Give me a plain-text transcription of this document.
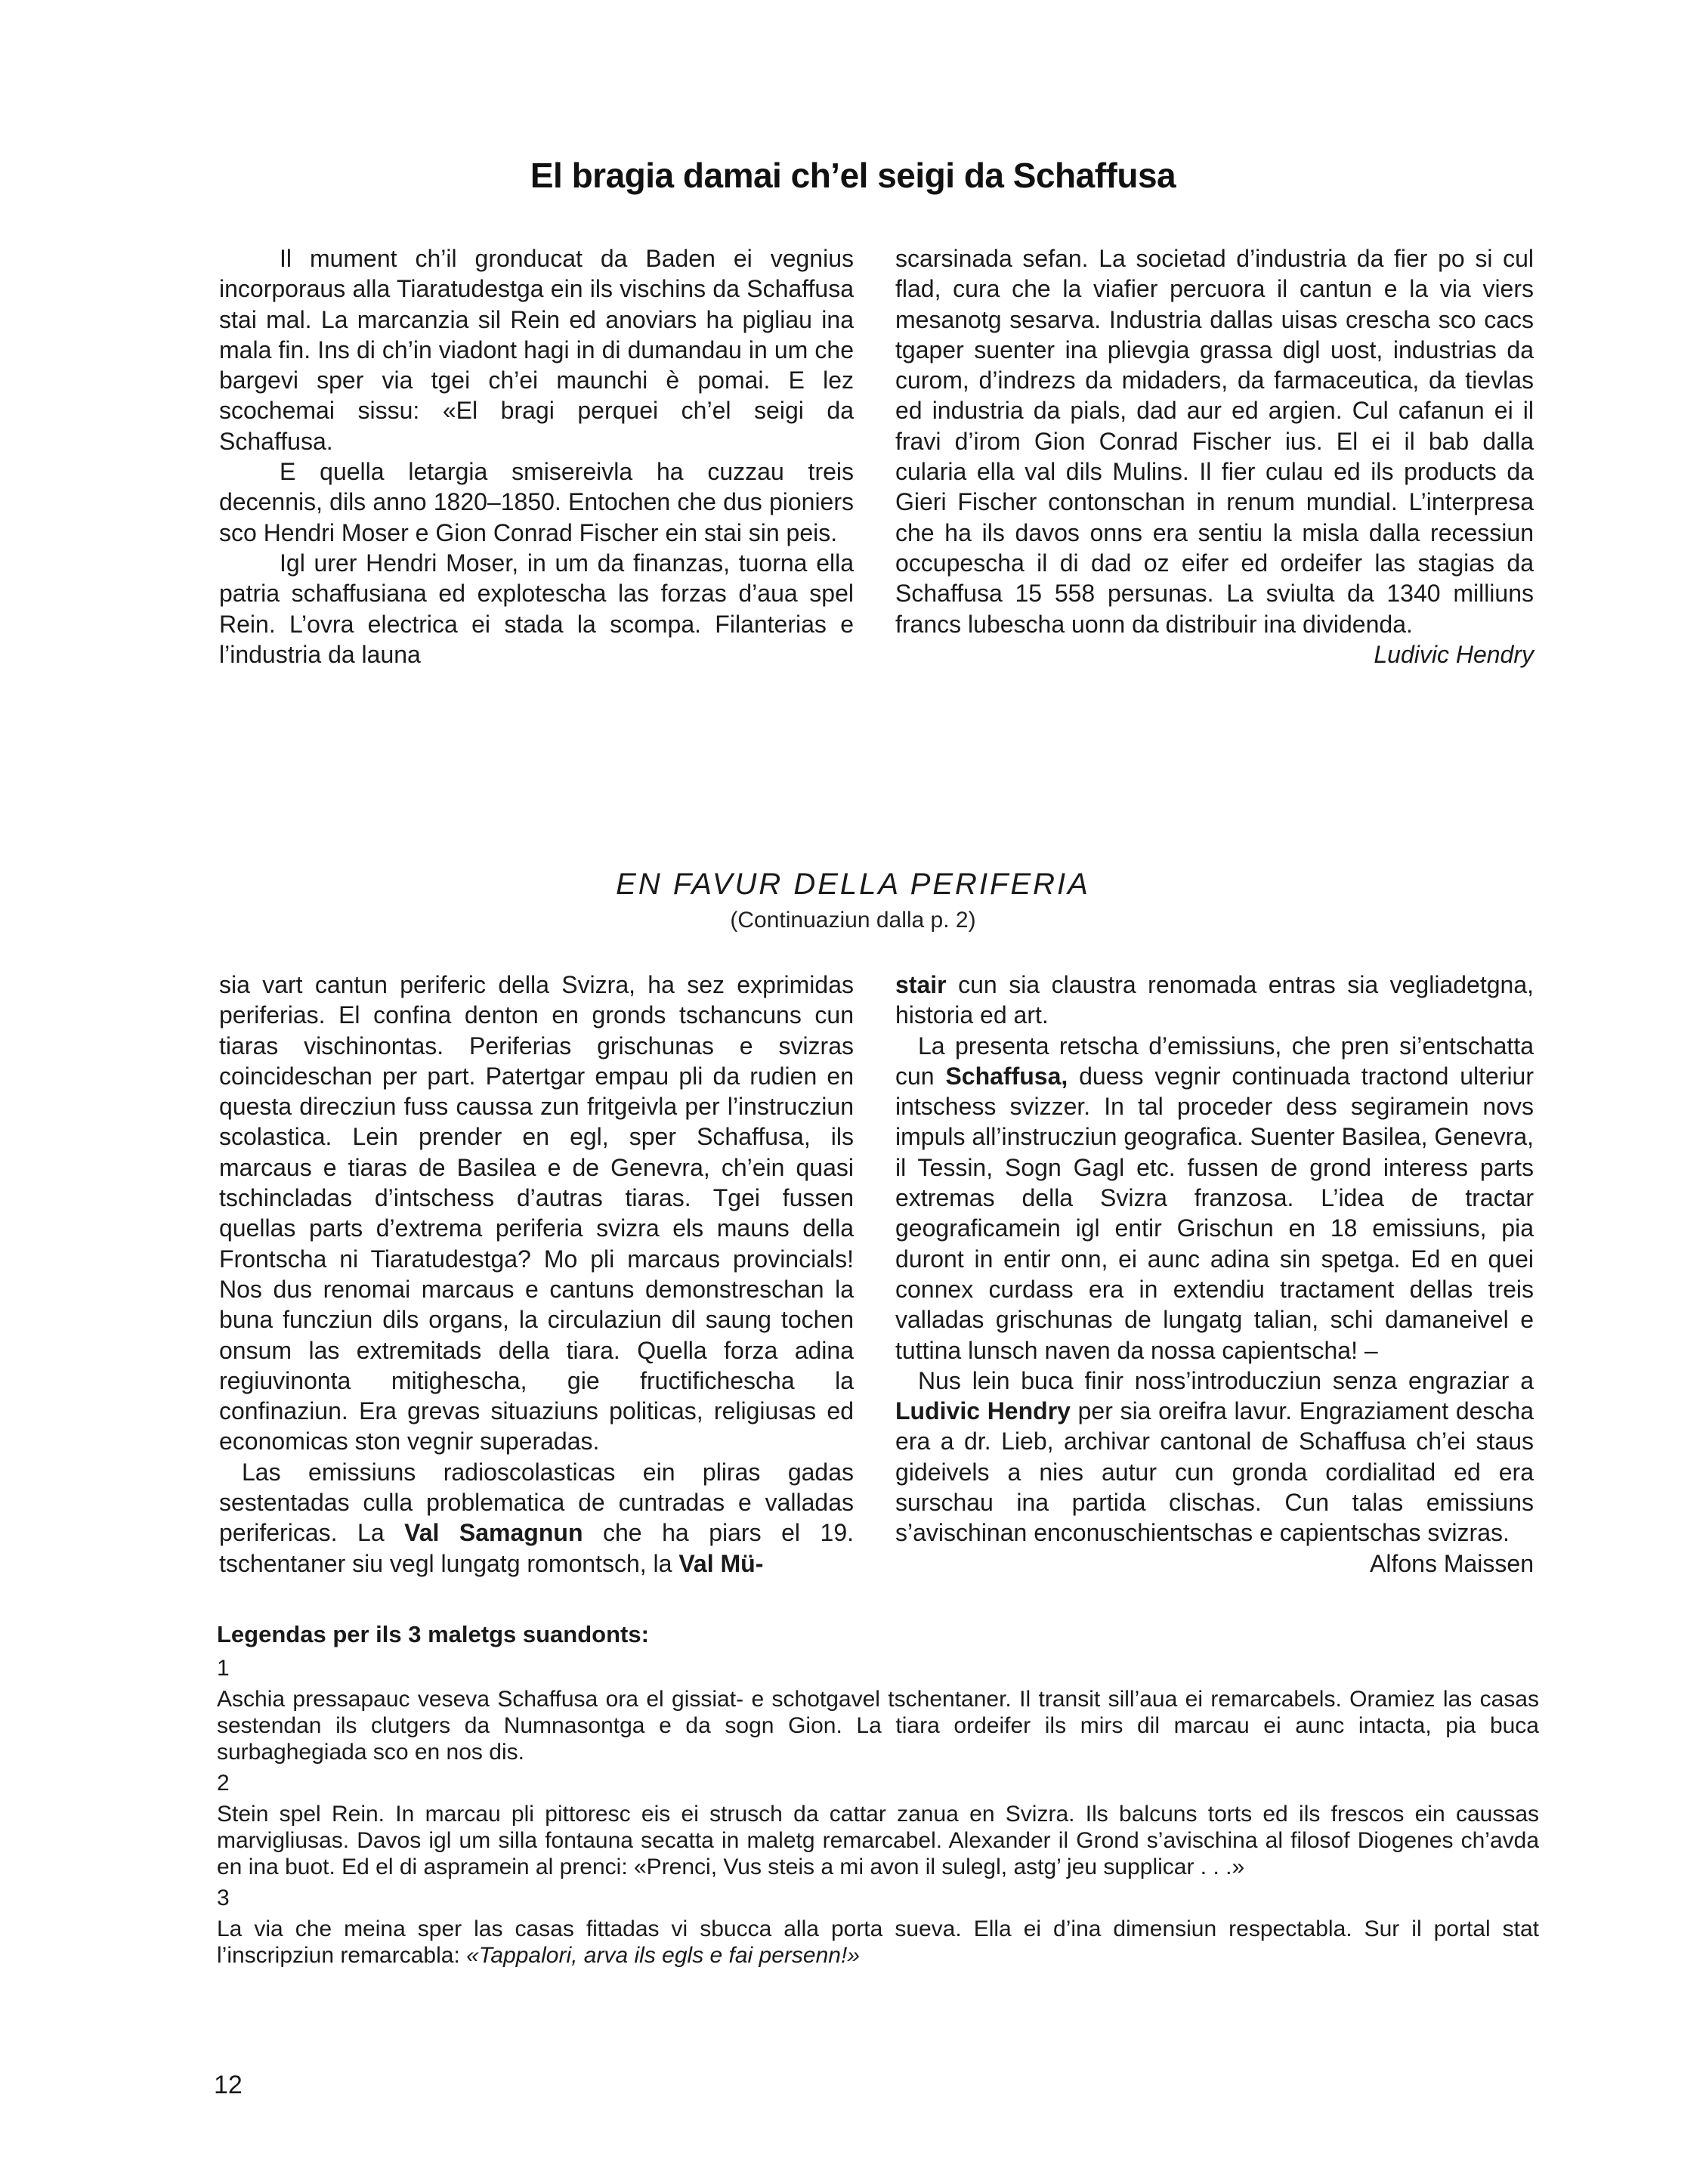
El bragia damai ch’el seigi da Schaffusa

Il mument ch’il gronducat da Baden ei vegnius incorporaus alla Tiaratudestga ein ils vischins da Schaffusa stai mal. La marcanzia sil Rein ed anoviars ha pigliau ina mala fin. Ins di ch’in viadont hagi in di dumandau in um che bargevi sper via tgei ch’ei maunchi è pomai. E lez scochemai sissu: «El bragi perquei ch’el seigi da Schaffusa.

E quella letargia smisereivla ha cuzzau treis decennis, dils anno 1820–1850. Entochen che dus pioniers sco Hendri Moser e Gion Conrad Fischer ein stai sin peis.

Igl urer Hendri Moser, in um da finanzas, tuorna ella patria schaffusiana ed explotescha las forzas d’aua spel Rein. L’ovra electrica ei stada la scompa. Filanterias e l’industria da launa

scarsinada sefan. La societad d’industria da fier po si cul flad, cura che la viafier percuora il cantun e la via viers mesanotg sesarva. Industria dallas uisas crescha sco cacs tgaper suenter ina plievgia grassa digl uost, industrias da curom, d’indrezs da midaders, da farmaceutica, da tievlas ed industria da pials, dad aur ed argien. Cul cafanun ei il fravi d’irom Gion Conrad Fischer ius. El ei il bab dalla cularia ella val dils Mulins. Il fier culau ed ils products da Gieri Fischer contonschan in renum mundial. L’interpresa che ha ils davos onns era sentiu la misla dalla recessiun occupescha il di dad oz eifer ed ordeifer las stagias da Schaffusa 15 558 persunas. La sviulta da 1340 milliuns francs lubescha uonn da distribuir ina dividenda.
Ludivic Hendry

EN FAVUR DELLA PERIFERIA
(Continuaziun dalla p. 2)

sia vart cantun periferic della Svizra, ha sez exprimidas periferias. El confina denton en gronds tschancuns cun tiaras vischinontas. Periferias grischunas e svizras coincideschan per part. Patertgar empau pli da rudien en questa direcziun fuss caussa zun fritgeivla per l’instrucziun scolastica. Lein prender en egl, sper Schaffusa, ils marcaus e tiaras de Basilea e de Genevra, ch’ein quasi tschincladas d’intschess d’autras tiaras. Tgei fussen quellas parts d’extrema periferia svizra els mauns della Frontscha ni Tiaratudestga? Mo pli marcaus provincials! Nos dus renomai marcaus e cantuns demonstreschan la buna funcziun dils organs, la circulaziun dil saung tochen onsum las extremitads della tiara. Quella forza adina regiuvinonta mitighescha, gie fructifichescha la confinaziun. Era grevas situaziuns politicas, religiusas ed economicas ston vegnir superadas.

Las emissiuns radioscolasticas ein pliras gadas sestentadas culla problematica de cuntradas e valladas perifericas. La Val Samagnun che ha piars el 19. tschentaner siu vegl lungatg romontsch, la Val Mü-

stair cun sia claustra renomada entras sia vegliadetgna, historia ed art.

La presenta retscha d’emissiuns, che pren si’entschatta cun Schaffusa, duess vegnir continuada tractond ulteriur intschess svizzer. In tal proceder dess segiramein novs impuls all’instrucziun geografica. Suenter Basilea, Genevra, il Tessin, Sogn Gagl etc. fussen de grond interess parts extremas della Svizra franzosa. L’idea de tractar geograficamein igl entir Grischun en 18 emissiuns, pia duront in entir onn, ei aunc adina sin spetga. Ed en quei connex curdass era in extendiu tractament dellas treis valladas grischunas de lungatg talian, schi damaneivel e tuttina lunsch naven da nossa capientscha! –

Nus lein buca finir noss’introducziun senza engraziar a Ludivic Hendry per sia oreifra lavur. Engraziament descha era a dr. Lieb, archivar cantonal de Schaffusa ch’ei staus gideivels a nies autur cun gronda cordialitad ed era surschau ina partida clischas. Cun talas emissiuns s’avischinan enconuschientschas e capientschas svizras.
Alfons Maissen

Legendas per ils 3 maletgs suandonts:
1
Aschia pressapauc veseva Schaffusa ora el gissiat- e schotgavel tschentaner. Il transit sill’aua ei remarcabels. Oramiez las casas sestendan ils clutgers da Numnasontga e da sogn Gion. La tiara ordeifer ils mirs dil marcau ei aunc intacta, pia buca surbaghegiada sco en nos dis.
2
Stein spel Rein. In marcau pli pittoresc eis ei strusch da cattar zanua en Svizra. Ils balcuns torts ed ils frescos ein caussas marvigliusas. Davos igl um silla fontauna secatta in maletg remarcabel. Alexander il Grond s’avischina al filosof Diogenes ch’avda en ina buot. Ed el di aspramein al prenci: «Prenci, Vus steis a mi avon il sulegl, astg’ jeu supplicar . . .»
3
La via che meina sper las casas fittadas vi sbucca alla porta sueva. Ella ei d’ina dimensiun respectabla. Sur il portal stat l’inscripziun remarcabla: «Tappalori, arva ils egls e fai persenn!»
12
